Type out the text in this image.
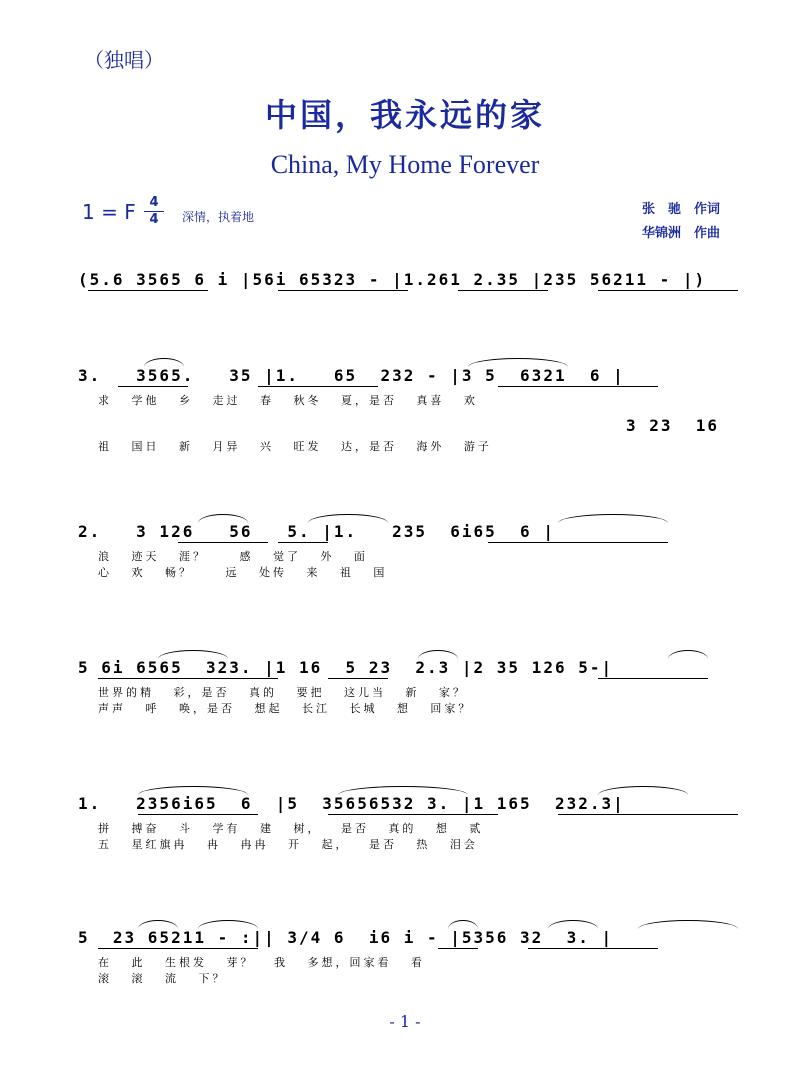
（独唱）
中国，我永远的家
China, My Home Forever
1 = F	4
4	深情，执着地	张　驰　作词
华锦洲　作曲
(5.6 3565 6 i |56i 65323 - |1.261 2.35 |235 56211 - |)
3.   3565.   35 |1.   65  232 - |3 5  6321  6 |
求   学他   乡   走过   春   秋冬   夏，是否   真喜   欢
3 23  16
祖   国日   新   月异   兴   旺发   达，是否   海外   游子
2.   3 126   56   5. |1.   235  6i65  6 |
浪   迹天   涯？     感   觉了   外   面
心   欢   畅？     远   处传   来   祖   国
5 6i 6565  323. |1 16  5 23  2.3 |2 35 126 5-|
世界的精   彩，是否   真的   要把   这儿当   新   家？
声声   呼   唤，是否   想起   长江   长城   想   回家？
1.   2356i65  6  |5  35656532 3. |1 165  232.3|
拼   搏奋   斗   学有   建   树，   是否   真的   想   贰
五   星红旗冉   冉   冉冉   开   起，   是否   热   泪会
5  23 65211 - :|| 3/4 6  i6 i - |5356 32  3. |
在   此   生根发   芽？   我   多想，回家看   看
滚   滚   流   下？
- 1 -
